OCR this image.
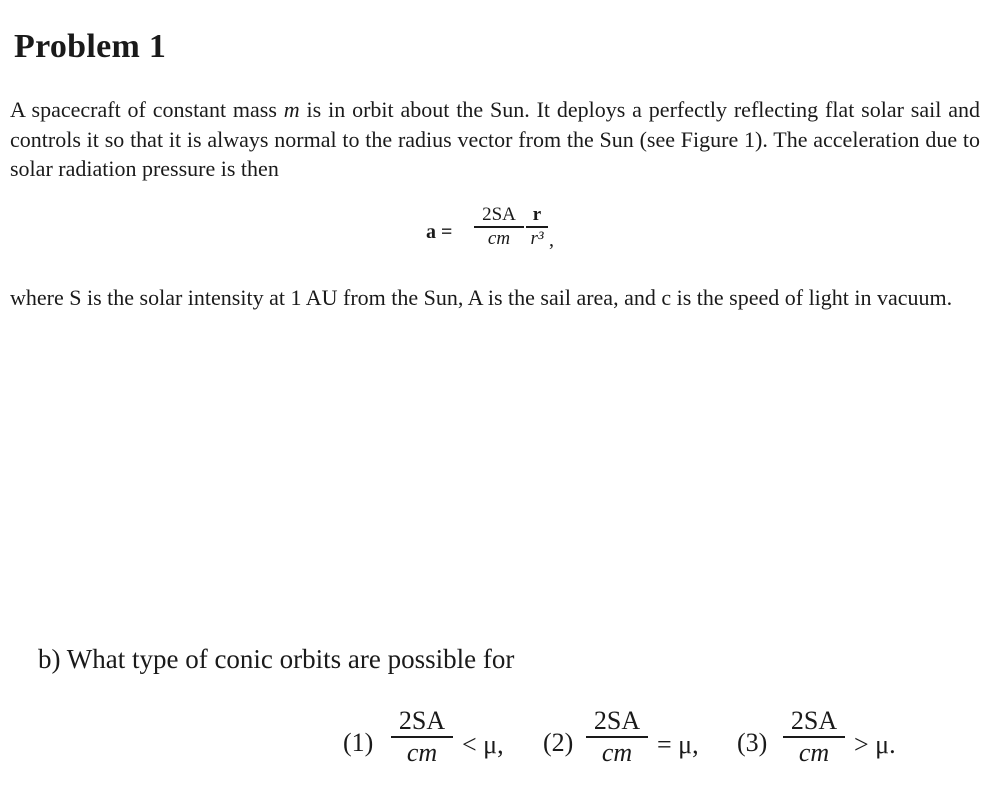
Problem 1
A spacecraft of constant mass m is in orbit about the Sun. It deploys a perfectly reflecting flat solar sail and controls it so that it is always normal to the radius vector from the Sun (see Figure 1). The acceleration due to solar radiation pressure is then
a =
2SA
cm
r
r³ ,
where S is the solar intensity at 1 AU from the Sun, A is the sail area, and c is the speed of light in vacuum.
b) What type of conic orbits are possible for
(1)
2SA
cm < μ, (2)
2SA
cm = μ, (3)
2SA
cm > μ.
